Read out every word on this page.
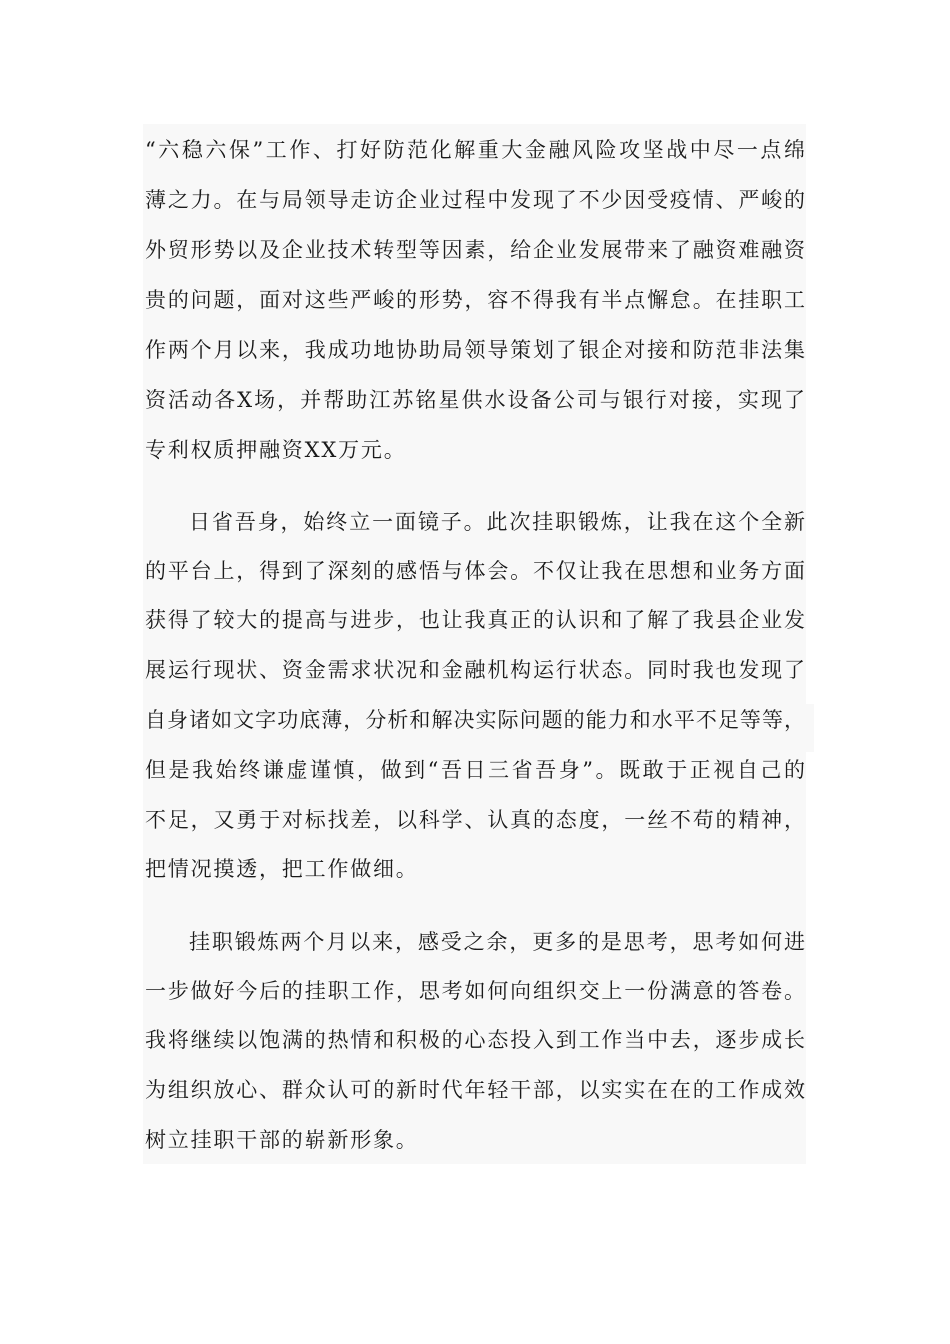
“六稳六保”工作、打好防范化解重大金融风险攻坚战中尽一点绵
薄之力。在与局领导走访企业过程中发现了不少因受疫情、严峻的
外贸形势以及企业技术转型等因素，给企业发展带来了融资难融资
贵的问题，面对这些严峻的形势，容不得我有半点懈怠。在挂职工
作两个月以来，我成功地协助局领导策划了银企对接和防范非法集
资活动各X场，并帮助江苏铭星供水设备公司与银行对接，实现了
专利权质押融资XX万元。
日省吾身，始终立一面镜子。此次挂职锻炼，让我在这个全新
的平台上，得到了深刻的感悟与体会。不仅让我在思想和业务方面
获得了较大的提高与进步，也让我真正的认识和了解了我县企业发
展运行现状、资金需求状况和金融机构运行状态。同时我也发现了
自身诸如文字功底薄，分析和解决实际问题的能力和水平不足等等，
但是我始终谦虚谨慎，做到“吾日三省吾身”。既敢于正视自己的
不足，又勇于对标找差，以科学、认真的态度，一丝不苟的精神，
把情况摸透，把工作做细。
挂职锻炼两个月以来，感受之余，更多的是思考，思考如何进
一步做好今后的挂职工作，思考如何向组织交上一份满意的答卷。
我将继续以饱满的热情和积极的心态投入到工作当中去，逐步成长
为组织放心、群众认可的新时代年轻干部，以实实在在的工作成效
树立挂职干部的崭新形象。
